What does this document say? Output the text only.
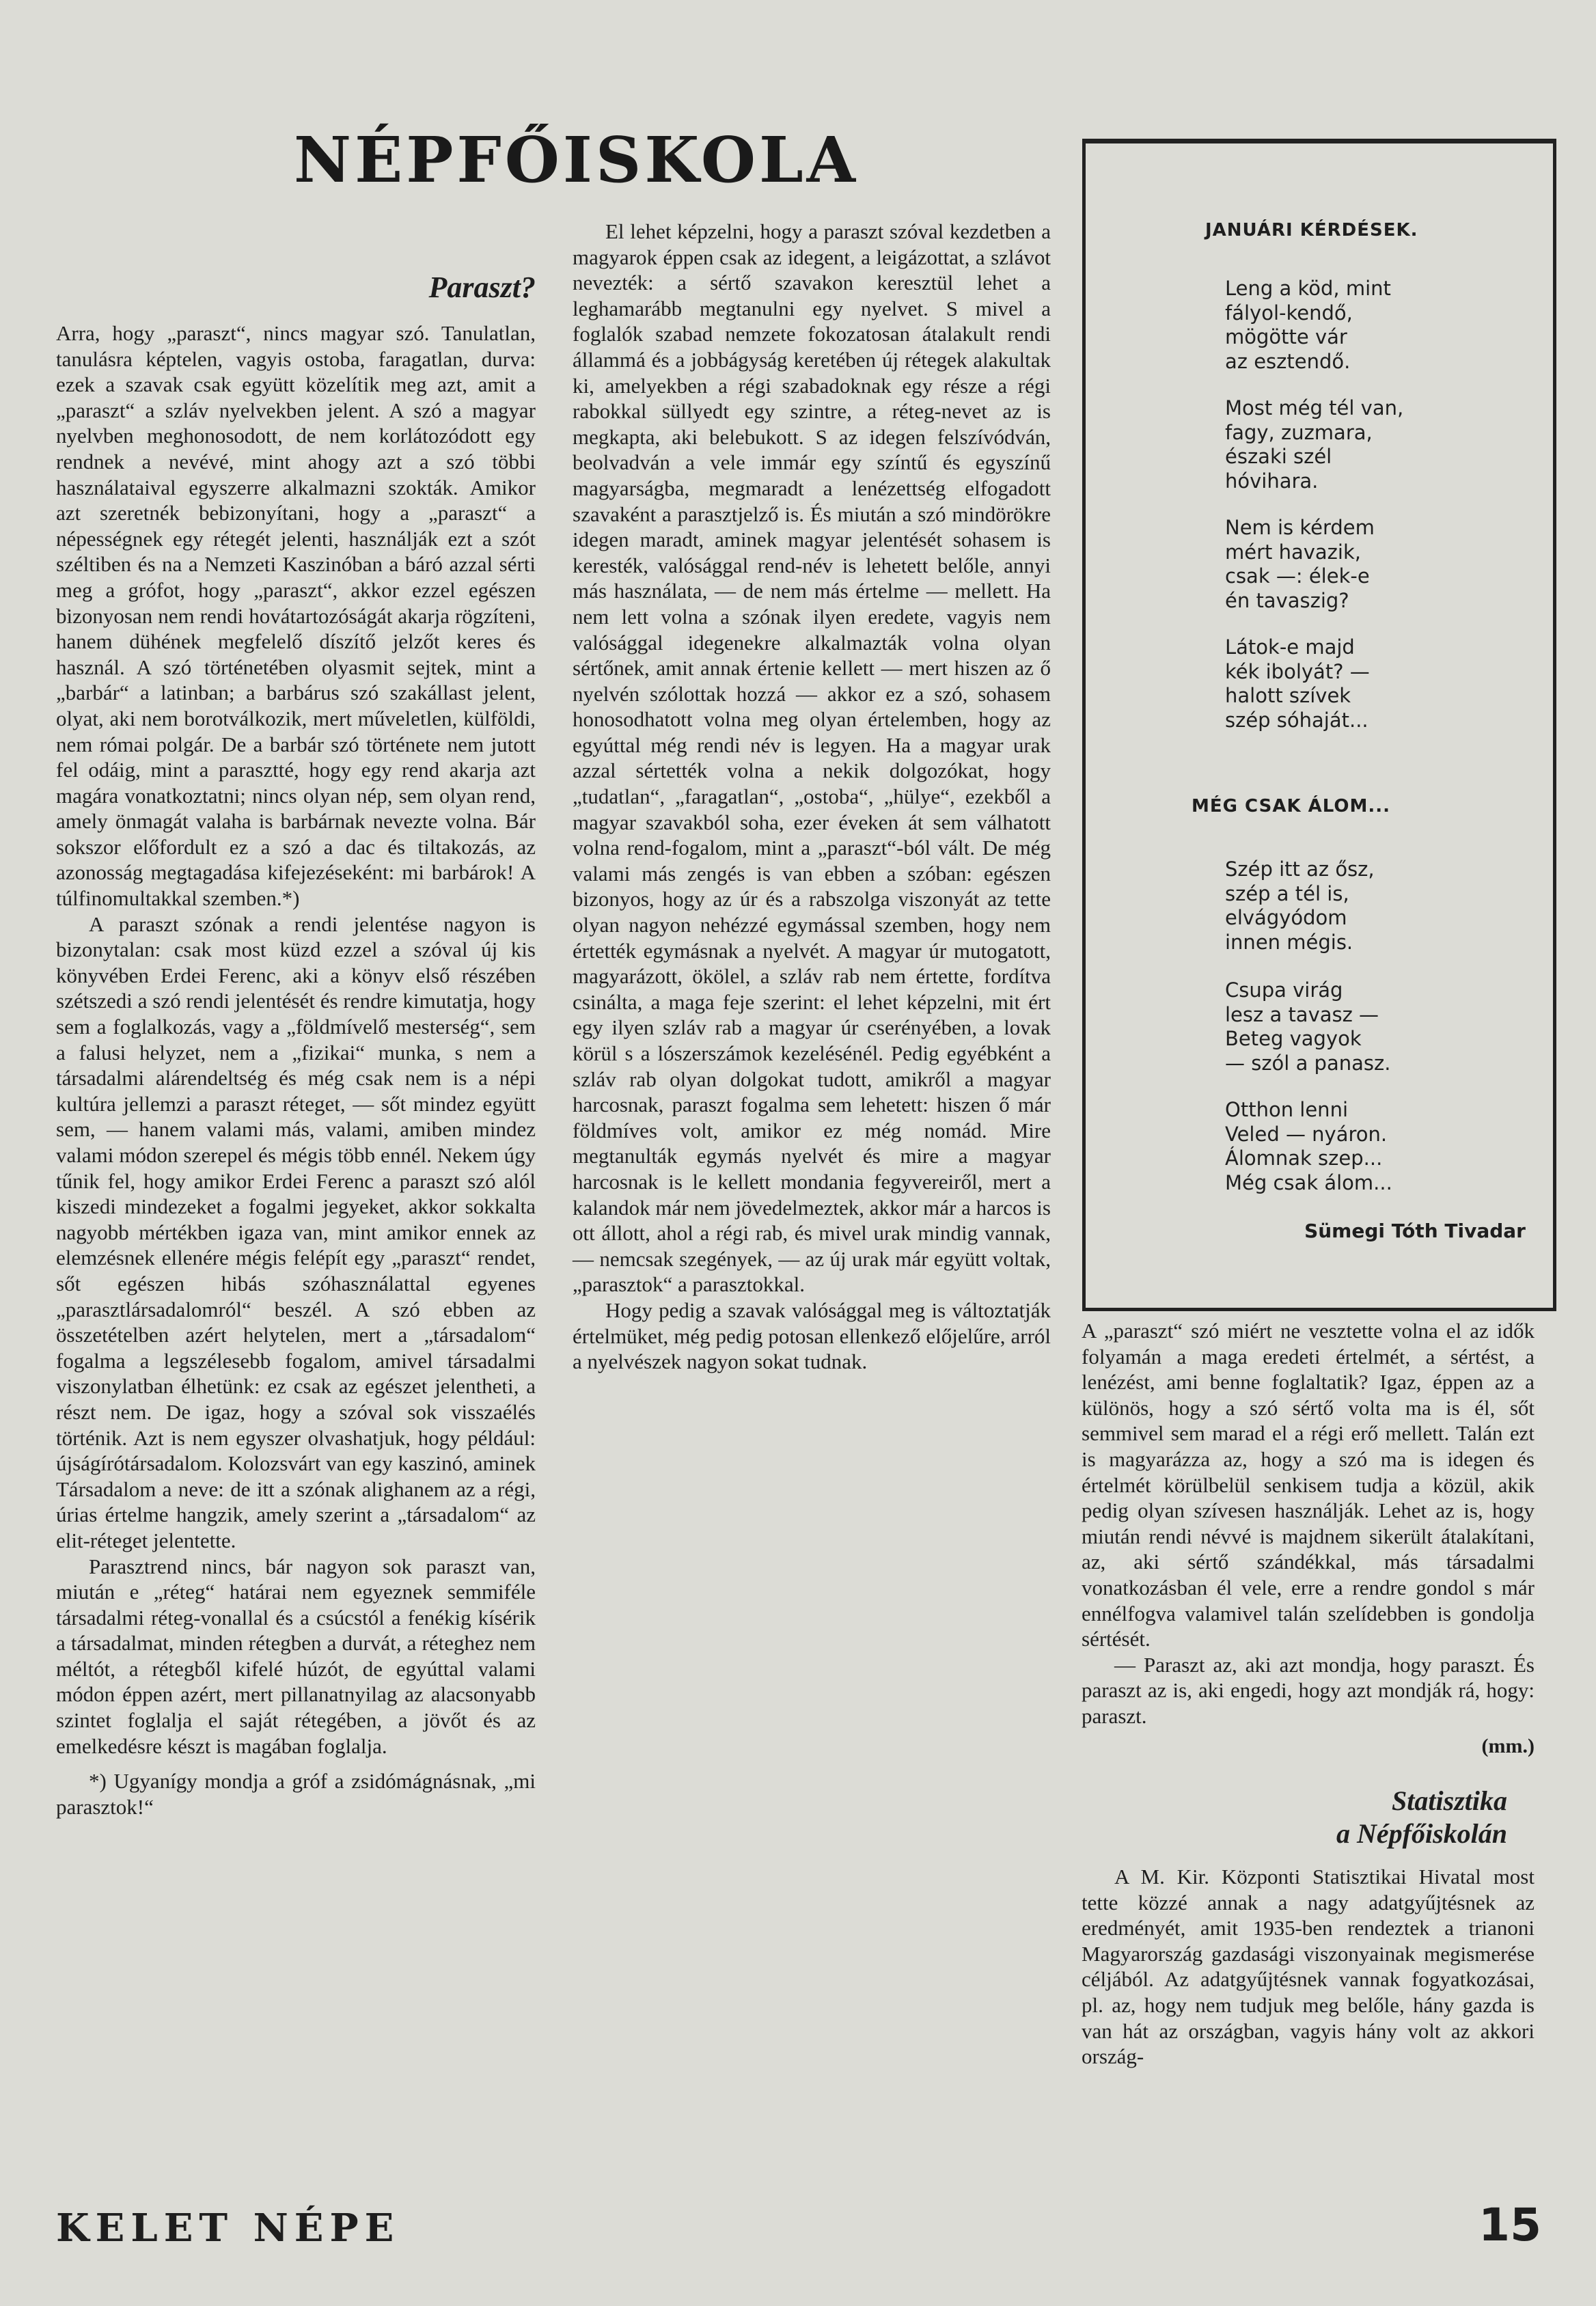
NÉPFŐISKOLA
Paraszt?

Arra, hogy „paraszt“, nincs magyar szó. Tanulatlan, tanulásra képtelen, vagyis ostoba, faragatlan, durva: ezek a szavak csak együtt közelítik meg azt, amit a „paraszt“ a szláv nyelvekben jelent. A szó a magyar nyelvben meghonosodott, de nem korlátozódott egy rendnek a nevévé, mint ahogy azt a szó többi használataival egyszerre alkalmazni szokták. Amikor azt szeretnék bebizonyítani, hogy a „paraszt“ a népességnek egy rétegét jelenti, használják ezt a szót széltiben és na a Nemzeti Kaszinóban a báró azzal sérti meg a grófot, hogy „paraszt“, akkor ezzel egészen bizonyosan nem rendi hovátartozóságát akarja rögzíteni, hanem dühének megfelelő díszítő jelzőt keres és használ. A szó történetében olyasmit sejtek, mint a „barbár“ a latinban; a barbárus szó szakállast jelent, olyat, aki nem borotválkozik, mert műveletlen, külföldi, nem római polgár. De a barbár szó története nem jutott fel odáig, mint a parasztté, hogy egy rend akarja azt magára vonatkoztatni; nincs olyan nép, sem olyan rend, amely önmagát valaha is barbárnak nevezte volna. Bár sokszor előfordult ez a szó a dac és tiltakozás, az azonosság megtagadása kifejezéseként: mi barbárok! A túlfinomultakkal szemben.*)

A paraszt szónak a rendi jelentése nagyon is bizonytalan: csak most küzd ezzel a szóval új kis könyvében Erdei Ferenc, aki a könyv első részében szétszedi a szó rendi jelentését és rendre kimutatja, hogy sem a foglalkozás, vagy a „földmívelő mesterség“, sem a falusi helyzet, nem a „fizikai“ munka, s nem a társadalmi alárendeltség és még csak nem is a népi kultúra jellemzi a paraszt réteget, — sőt mindez együtt sem, — hanem valami más, valami, amiben mindez valami módon szerepel és mégis több ennél. Nekem úgy tűnik fel, hogy amikor Erdei Ferenc a paraszt szó alól kiszedi mindezeket a fogalmi jegyeket, akkor sokkalta nagyobb mértékben igaza van, mint amikor ennek az elemzésnek ellenére mégis felépít egy „paraszt“ rendet, sőt egészen hibás szóhasználattal egyenes „parasztlársadalomról“ beszél. A szó ebben az összetételben azért helytelen, mert a „társadalom“ fogalma a legszélesebb fogalom, amivel társadalmi viszonylatban élhetünk: ez csak az egészet jelentheti, a részt nem. De igaz, hogy a szóval sok visszaélés történik. Azt is nem egyszer olvashatjuk, hogy például: újságírótársadalom. Kolozsvárt van egy kaszinó, aminek Társadalom a neve: de itt a szónak alighanem az a régi, úrias értelme hangzik, amely szerint a „társadalom“ az elit-réteget jelentette.

Parasztrend nincs, bár nagyon sok paraszt van, miután e „réteg“ határai nem egyeznek semmiféle társadalmi réteg-vonallal és a csúcstól a fenékig kísérik a társadalmat, minden rétegben a durvát, a réteghez nem méltót, a rétegből kifelé húzót, de egyúttal valami módon éppen azért, mert pillanatnyilag az alacsonyabb szintet foglalja el saját rétegében, a jövőt és az emelkedésre készt is magában foglalja.

*) Ugyanígy mondja a gróf a zsidómágnásnak, „mi parasztok!“

El lehet képzelni, hogy a paraszt szóval kezdetben a magyarok éppen csak az idegent, a leigázottat, a szlávot nevezték: a sértő szavakon keresztül lehet a leghamarább megtanulni egy nyelvet. S mivel a foglalók szabad nemzete fokozatosan átalakult rendi állammá és a jobbágyság keretében új rétegek alakultak ki, amelyekben a régi szabadoknak egy része a régi rabokkal süllyedt egy szintre, a réteg-nevet az is megkapta, aki belebukott. S az idegen felszívódván, beolvadván a vele immár egy színtű és egyszínű magyarságba, megmaradt a lenézettség elfogadott szavaként a parasztjelző is. És miután a szó mindörökre idegen maradt, aminek magyar jelentését sohasem is keresték, valósággal rend-név is lehetett belőle, annyi más használata, — de nem más értelme — mellett. Ha nem lett volna a szónak ilyen eredete, vagyis nem valósággal idegenekre alkalmazták volna olyan sértőnek, amit annak értenie kellett — mert hiszen az ő nyelvén szólottak hozzá — akkor ez a szó, sohasem honosodhatott volna meg olyan értelemben, hogy az egyúttal még rendi név is legyen. Ha a magyar urak azzal sértették volna a nekik dolgozókat, hogy „tudatlan“, „faragatlan“, „ostoba“, „hülye“, ezekből a magyar szavakból soha, ezer éveken át sem válhatott volna rend-fogalom, mint a „paraszt“-ból vált. De még valami más zengés is van ebben a szóban: egészen bizonyos, hogy az úr és a rabszolga viszonyát az tette olyan nagyon nehézzé egymással szemben, hogy nem értették egymásnak a nyelvét. A magyar úr mutogatott, magyarázott, ökölel, a szláv rab nem értette, fordítva csinálta, a maga feje szerint: el lehet képzelni, mit ért egy ilyen szláv rab a magyar úr cserényében, a lovak körül s a lószerszámok kezelésénél. Pedig egyébként a szláv rab olyan dolgokat tudott, amikről a magyar harcosnak, paraszt fogalma sem lehetett: hiszen ő már földmíves volt, amikor ez még nomád. Mire megtanulták egymás nyelvét és mire a magyar harcosnak is le kellett mondania fegyvereiről, mert a kalandok már nem jövedelmeztek, akkor már a harcos is ott állott, ahol a régi rab, és mivel urak mindig vannak, — nemcsak szegények, — az új urak már együtt voltak, „parasztok“ a parasztokkal.

Hogy pedig a szavak valósággal meg is változtatják értelmüket, még pedig potosan ellenkező előjelűre, arról a nyelvészek nagyon sokat tudnak.

JANUÁRI KÉRDÉSEK.
Leng a köd, mint
fályol-kendő,
mögötte vár
az esztendő.
Most még tél van,
fagy, zuzmara,
északi szél
hóvihara.
Nem is kérdem
mért havazik,
csak —: élek-e
én tavaszig?
Látok-e majd
kék ibolyát? —
halott szívek
szép sóhaját...
MÉG CSAK ÁLOM...
Szép itt az ősz,
szép a tél is,
elvágyódom
innen mégis.
Csupa virág
lesz a tavasz —
Beteg vagyok
— szól a panasz.
Otthon lenni
Veled — nyáron.
Álomnak szep...
Még csak álom...
Sümegi Tóth Tivadar

A „paraszt“ szó miért ne vesztette volna el az idők folyamán a maga eredeti értelmét, a sértést, a lenézést, ami benne foglaltatik? Igaz, éppen az a különös, hogy a szó sértő volta ma is él, sőt semmivel sem marad el a régi erő mellett. Talán ezt is magyarázza az, hogy a szó ma is idegen és értelmét körülbelül senkisem tudja a közül, akik pedig olyan szívesen használják. Lehet az is, hogy miután rendi névvé is majdnem sikerült átalakítani, az, aki sértő szándékkal, más társadalmi vonatkozásban él vele, erre a rendre gondol s már ennélfogva valamivel talán szelídebben is gondolja sértését.

— Paraszt az, aki azt mondja, hogy paraszt. És paraszt az is, aki engedi, hogy azt mondják rá, hogy: paraszt.

(mm.)

Statisztika
a Népfőiskolán

A M. Kir. Központi Statisztikai Hivatal most tette közzé annak a nagy adatgyűjtésnek az eredményét, amit 1935-ben rendeztek a trianoni Magyarország gazdasági viszonyainak megismerése céljából. Az adatgyűjtésnek vannak fogyatkozásai, pl. az, hogy nem tudjuk meg belőle, hány gazda is van hát az országban, vagyis hány volt az akkori ország-

KELET NÉPE	15
